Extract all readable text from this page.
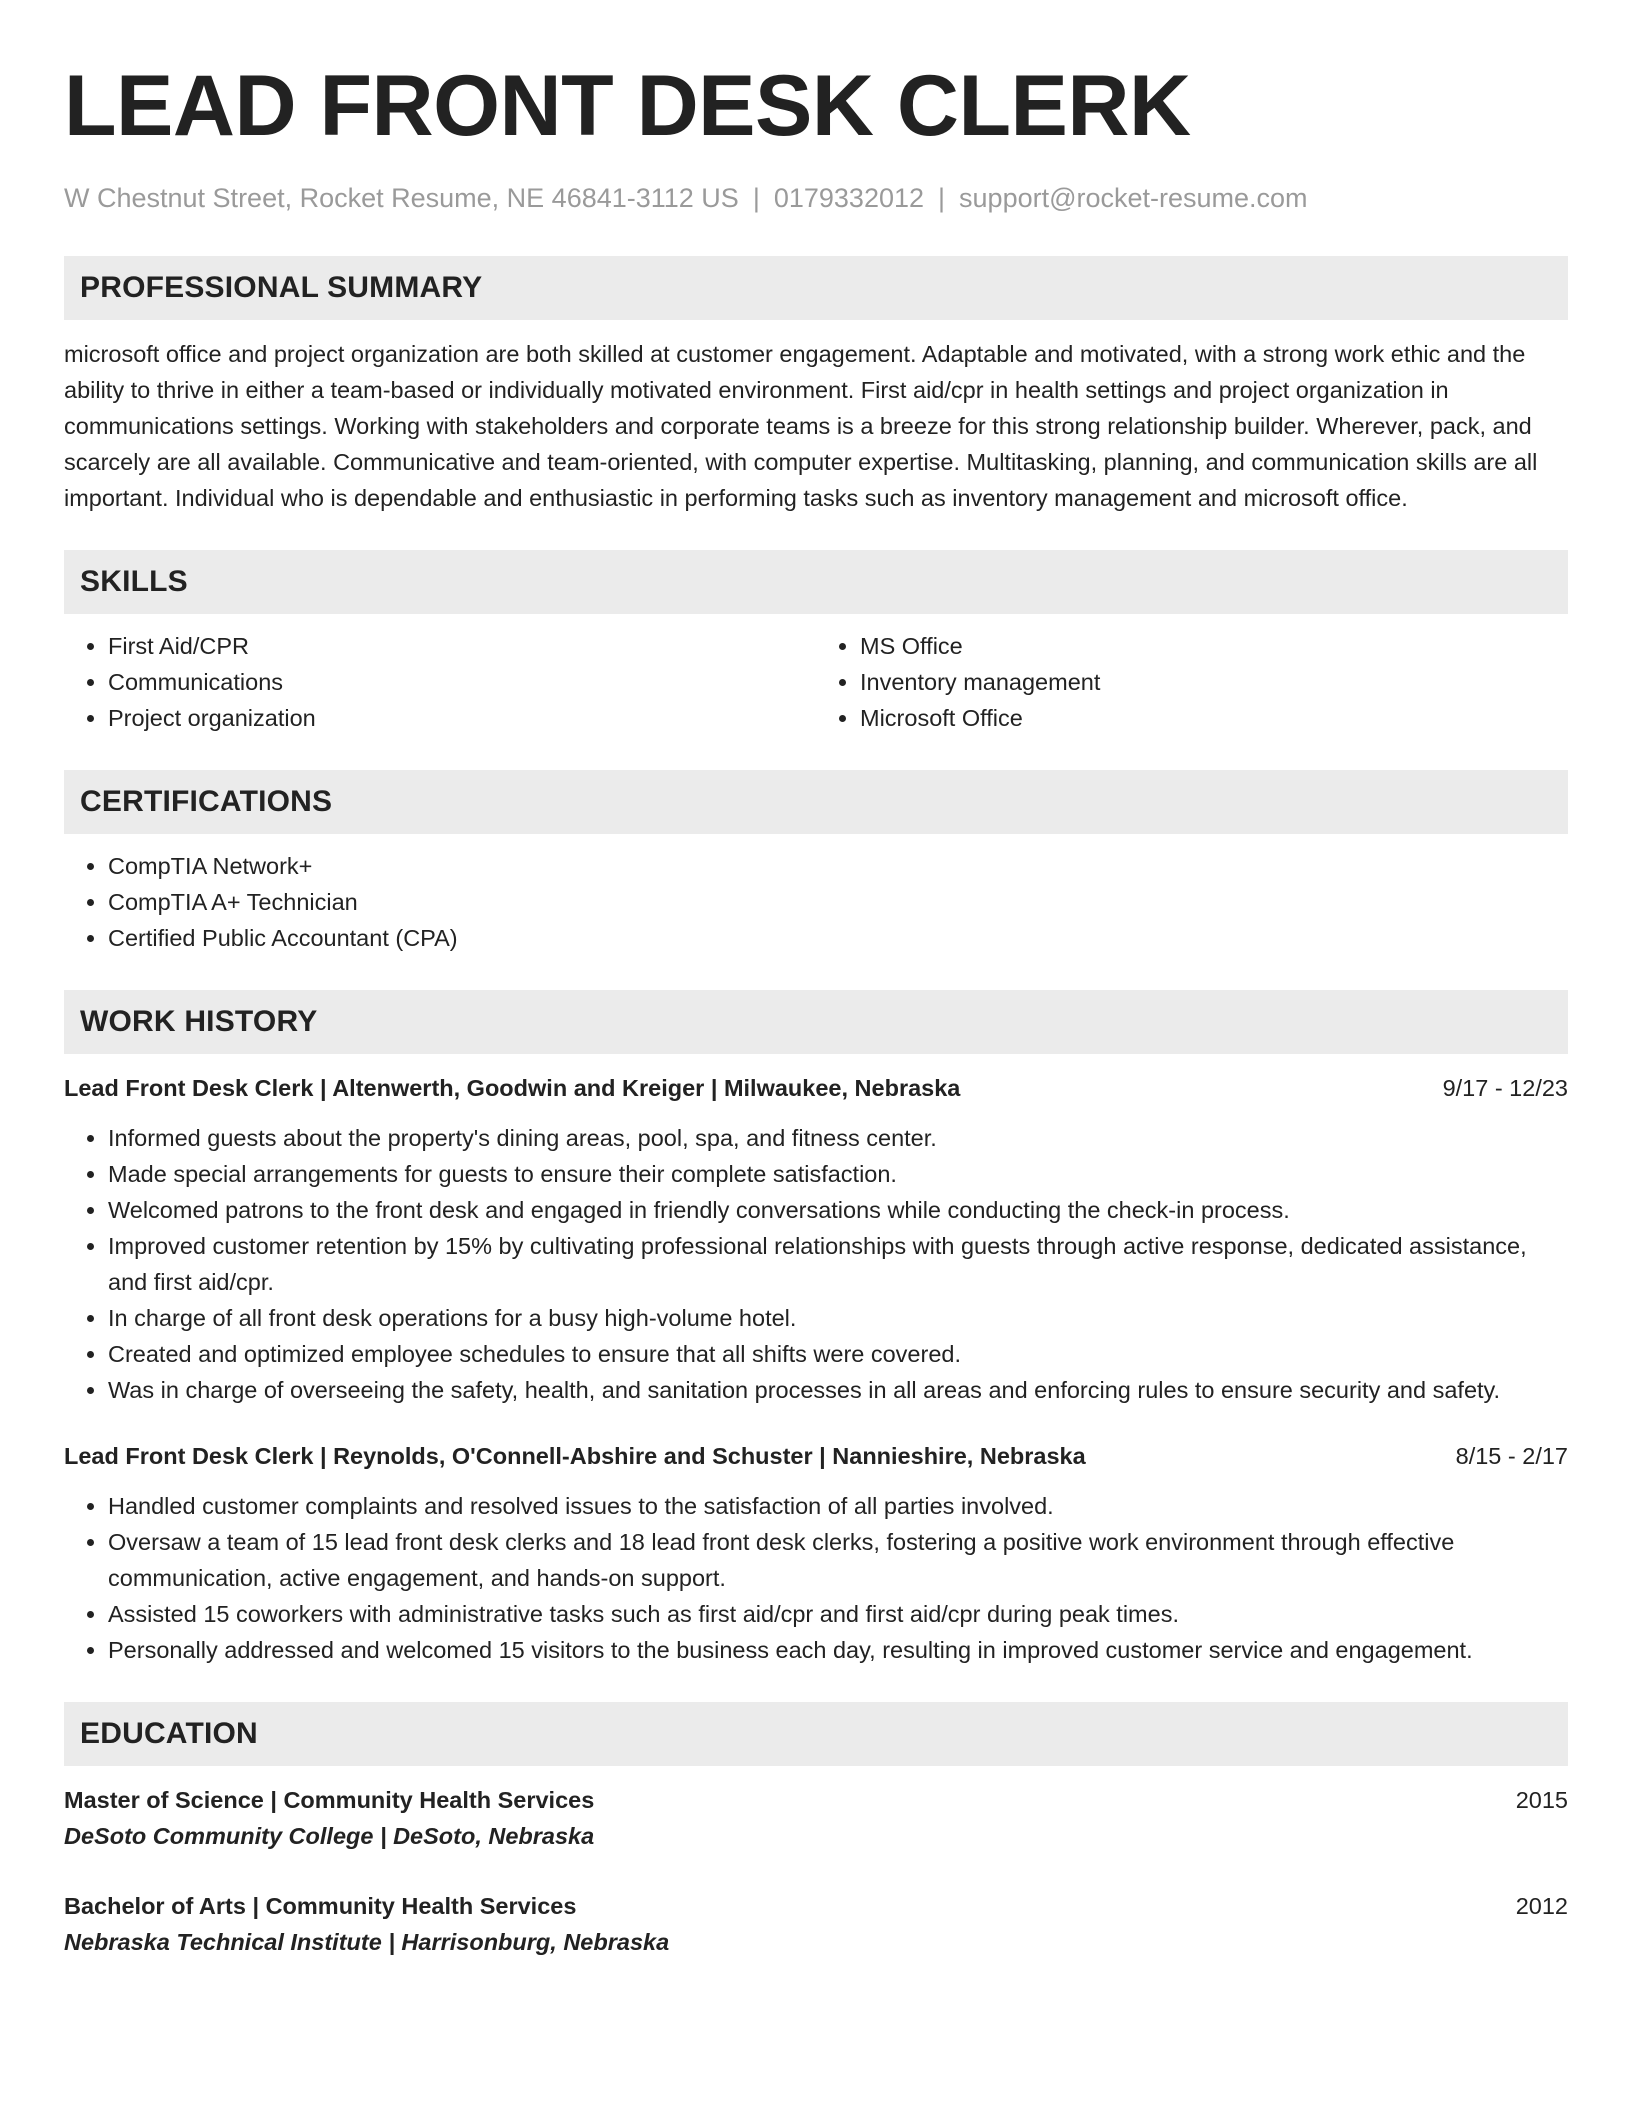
LEAD FRONT DESK CLERK
W Chestnut Street, Rocket Resume, NE 46841-3112 US | 0179332012 | support@rocket-resume.com
PROFESSIONAL SUMMARY

microsoft office and project organization are both skilled at customer engagement. Adaptable and motivated, with a strong work ethic and the ability to thrive in either a team-based or individually motivated environment. First aid/cpr in health settings and project organization in communications settings. Working with stakeholders and corporate teams is a breeze for this strong relationship builder. Wherever, pack, and scarcely are all available. Communicative and team-oriented, with computer expertise. Multitasking, planning, and communication skills are all important. Individual who is dependable and enthusiastic in performing tasks such as inventory management and microsoft office.

SKILLS
• First Aid/CPR
• Communications
• Project organization
• MS Office
• Inventory management
• Microsoft Office
CERTIFICATIONS
• CompTIA Network+
• CompTIA A+ Technician
• Certified Public Accountant (CPA)
WORK HISTORY
Lead Front Desk Clerk | Altenwerth, Goodwin and Kreiger | Milwaukee, Nebraska	9/17 - 12/23
• Informed guests about the property's dining areas, pool, spa, and fitness center.
• Made special arrangements for guests to ensure their complete satisfaction.
• Welcomed patrons to the front desk and engaged in friendly conversations while conducting the check-in process.
• Improved customer retention by 15% by cultivating professional relationships with guests through active response, dedicated assistance, and first aid/cpr.
• In charge of all front desk operations for a busy high-volume hotel.
• Created and optimized employee schedules to ensure that all shifts were covered.
• Was in charge of overseeing the safety, health, and sanitation processes in all areas and enforcing rules to ensure security and safety.
Lead Front Desk Clerk | Reynolds, O'Connell-Abshire and Schuster | Nannieshire, Nebraska	8/15 - 2/17
• Handled customer complaints and resolved issues to the satisfaction of all parties involved.
• Oversaw a team of 15 lead front desk clerks and 18 lead front desk clerks, fostering a positive work environment through effective communication, active engagement, and hands-on support.
• Assisted 15 coworkers with administrative tasks such as first aid/cpr and first aid/cpr during peak times.
• Personally addressed and welcomed 15 visitors to the business each day, resulting in improved customer service and engagement.
EDUCATION
Master of Science | Community Health Services	2015
DeSoto Community College | DeSoto, Nebraska
Bachelor of Arts | Community Health Services	2012
Nebraska Technical Institute | Harrisonburg, Nebraska
